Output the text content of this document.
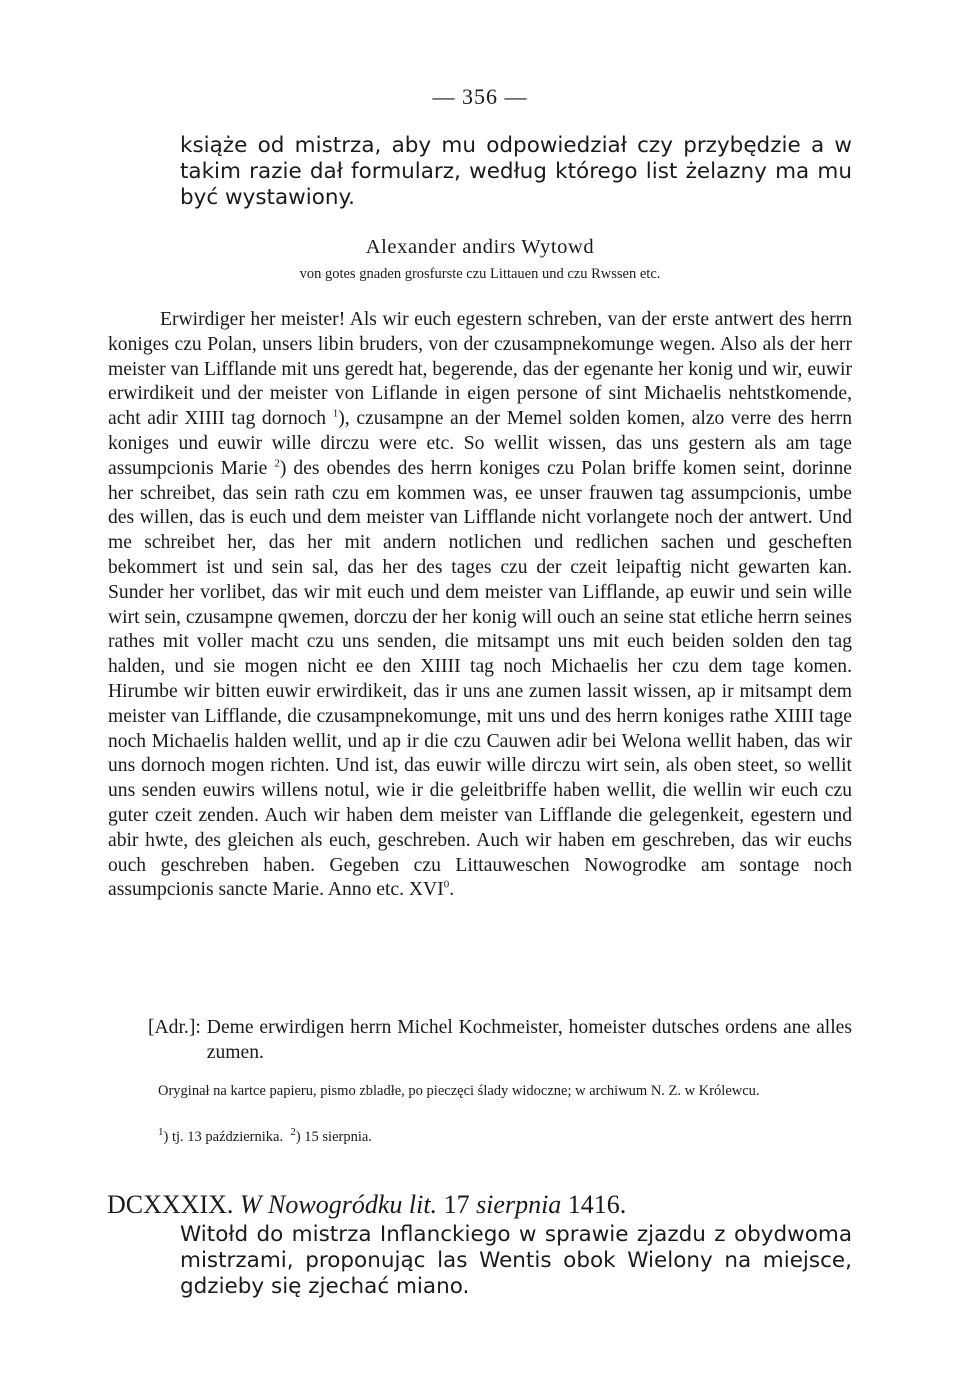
— 356 —
książe od mistrza, aby mu odpowiedział czy przybędzie a w takim razie dał formularz, według którego list żelazny ma mu być wystawiony.
Alexander andirs Wytowd
von gotes gnaden grosfurste czu Littauen und czu Rwssen etc.

Erwirdiger her meister! Als wir euch egestern schreben, van der erste antwert des herrn koniges czu Polan, unsers libin bruders, von der czusampnekomunge wegen. Also als der herr meister van Lifflande mit uns geredt hat, begerende, das der egenante her konig und wir, euwir erwirdikeit und der meister von Liflande in eigen persone of sint Michaelis nehtstkomende, acht adir XIIII tag dornoch $^1$), czusampne an der Memel solden komen, alzo verre des herrn koniges und euwir wille dirczu were etc. So wellit wissen, das uns gestern als am tage assumpcionis Marie $^2$) des obendes des herrn koniges czu Polan briffe komen seint, dorinne her schreibet, das sein rath czu em kommen was, ee unser frauwen tag assumpcionis, umbe des willen, das is euch und dem meister van Lifflande nicht vorlangete noch der antwert. Und me schreibet her, das her mit andern notlichen und redlichen sachen und gescheften bekommert ist und sein sal, das her des tages czu der czeit leipaftig nicht gewarten kan. Sunder her vorlibet, das wir mit euch und dem meister van Lifflande, ap euwir und sein wille wirt sein, czusampne qwemen, dorczu der her konig will ouch an seine stat etliche herrn seines rathes mit voller macht czu uns senden, die mitsampt uns mit euch beiden solden den tag halden, und sie mogen nicht ee den XIIII tag noch Michaelis her czu dem tage komen. Hirumbe wir bitten euwir erwirdikeit, das ir uns ane zumen lassit wissen, ap ir mitsampt dem meister van Lifflande, die czusampnekomunge, mit uns und des herrn koniges rathe XIIII tage noch Michaelis halden wellit, und ap ir die czu Cauwen adir bei Welona wellit haben, das wir uns dornoch mogen richten. Und ist, das euwir wille dirczu wirt sein, als oben steet, so wellit uns senden euwirs willens notul, wie ir die geleitbriffe haben wellit, die wellin wir euch czu guter czeit zenden. Auch wir haben dem meister van Lifflande die gelegenkeit, egestern und abir hwte, des gleichen als euch, geschreben. Auch wir haben em geschreben, das wir euchs ouch geschreben haben. Gegeben czu Littauweschen Nowogrodke am sontage noch assumpcionis sancte Marie. Anno etc. XVI$^0$.

[Adr.]: Deme erwirdigen herrn Michel Kochmeister, homeister dutsches ordens ane alles zumen.

Oryginał na kartce papieru, pismo zbladłe, po pieczęci ślady widoczne; w archiwum N. Z. w Królewcu.

$^1$) tj. 13 października. $^2$) 15 sierpnia.
DCXXXIX. W Nowogródku lit. 17 sierpnia 1416.
Witołd do mistrza Inflanckiego w sprawie zjazdu z obydwoma mistrzami, proponując las Wentis obok Wielony na miejsce, gdzieby się zjechać miano.
